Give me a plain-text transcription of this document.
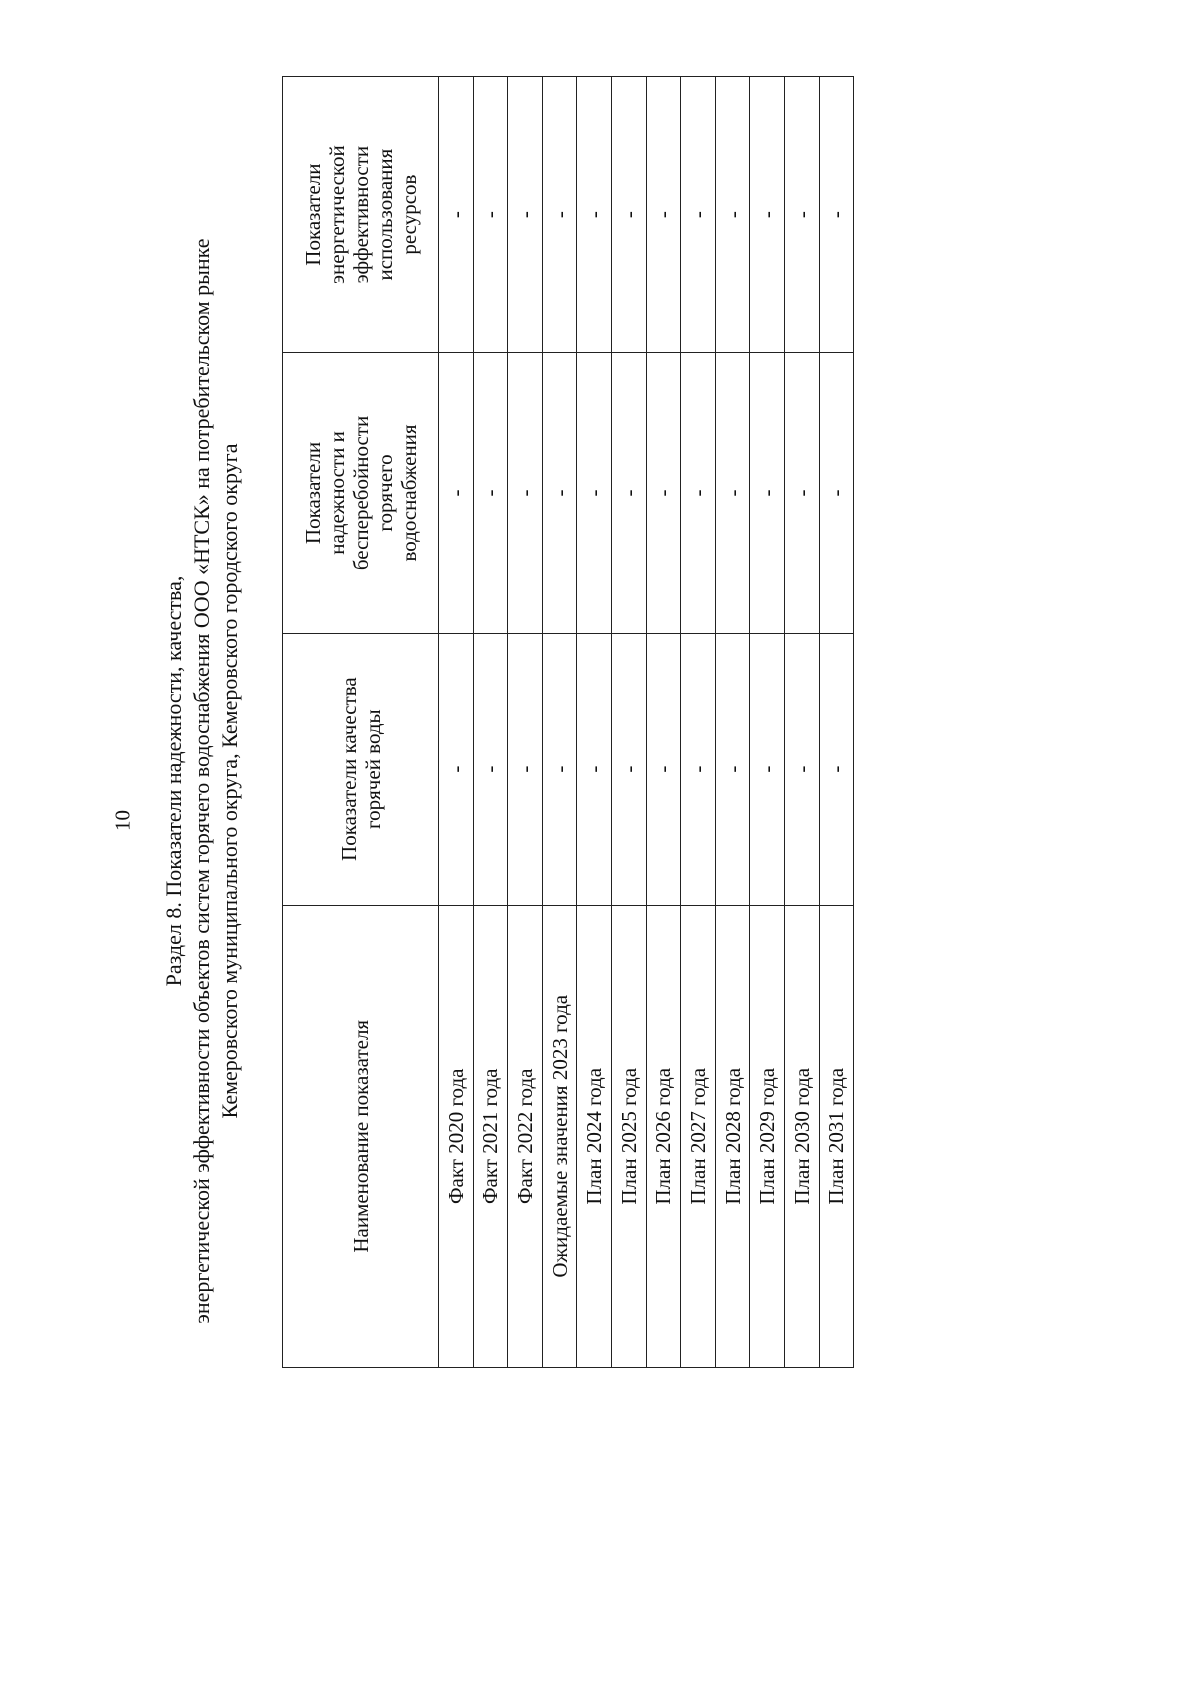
10 Раздел 8. Показатели надежности, качества, энергетической эффективности объектов систем горячего водоснабжения ООО «НТСК» на потребительском рынке Кемеровского муниципального округа, Кемеровского городского округа
Наименование показателя	Показатели качества горячей воды	Показатели надежности и бесперебойности горячего водоснабжения	Показатели энергетической эффективности использования ресурсов
Факт 2020 года	-	-	-
Факт 2021 года	-	-	-
Факт 2022 года	-	-	-
Ожидаемые значения 2023 года	-	-	-
План 2024 года	-	-	-
План 2025 года	-	-	-
План 2026 года	-	-	-
План 2027 года	-	-	-
План 2028 года	-	-	-
План 2029 года	-	-	-
План 2030 года	-	-	-
План 2031 года	-	-	-
